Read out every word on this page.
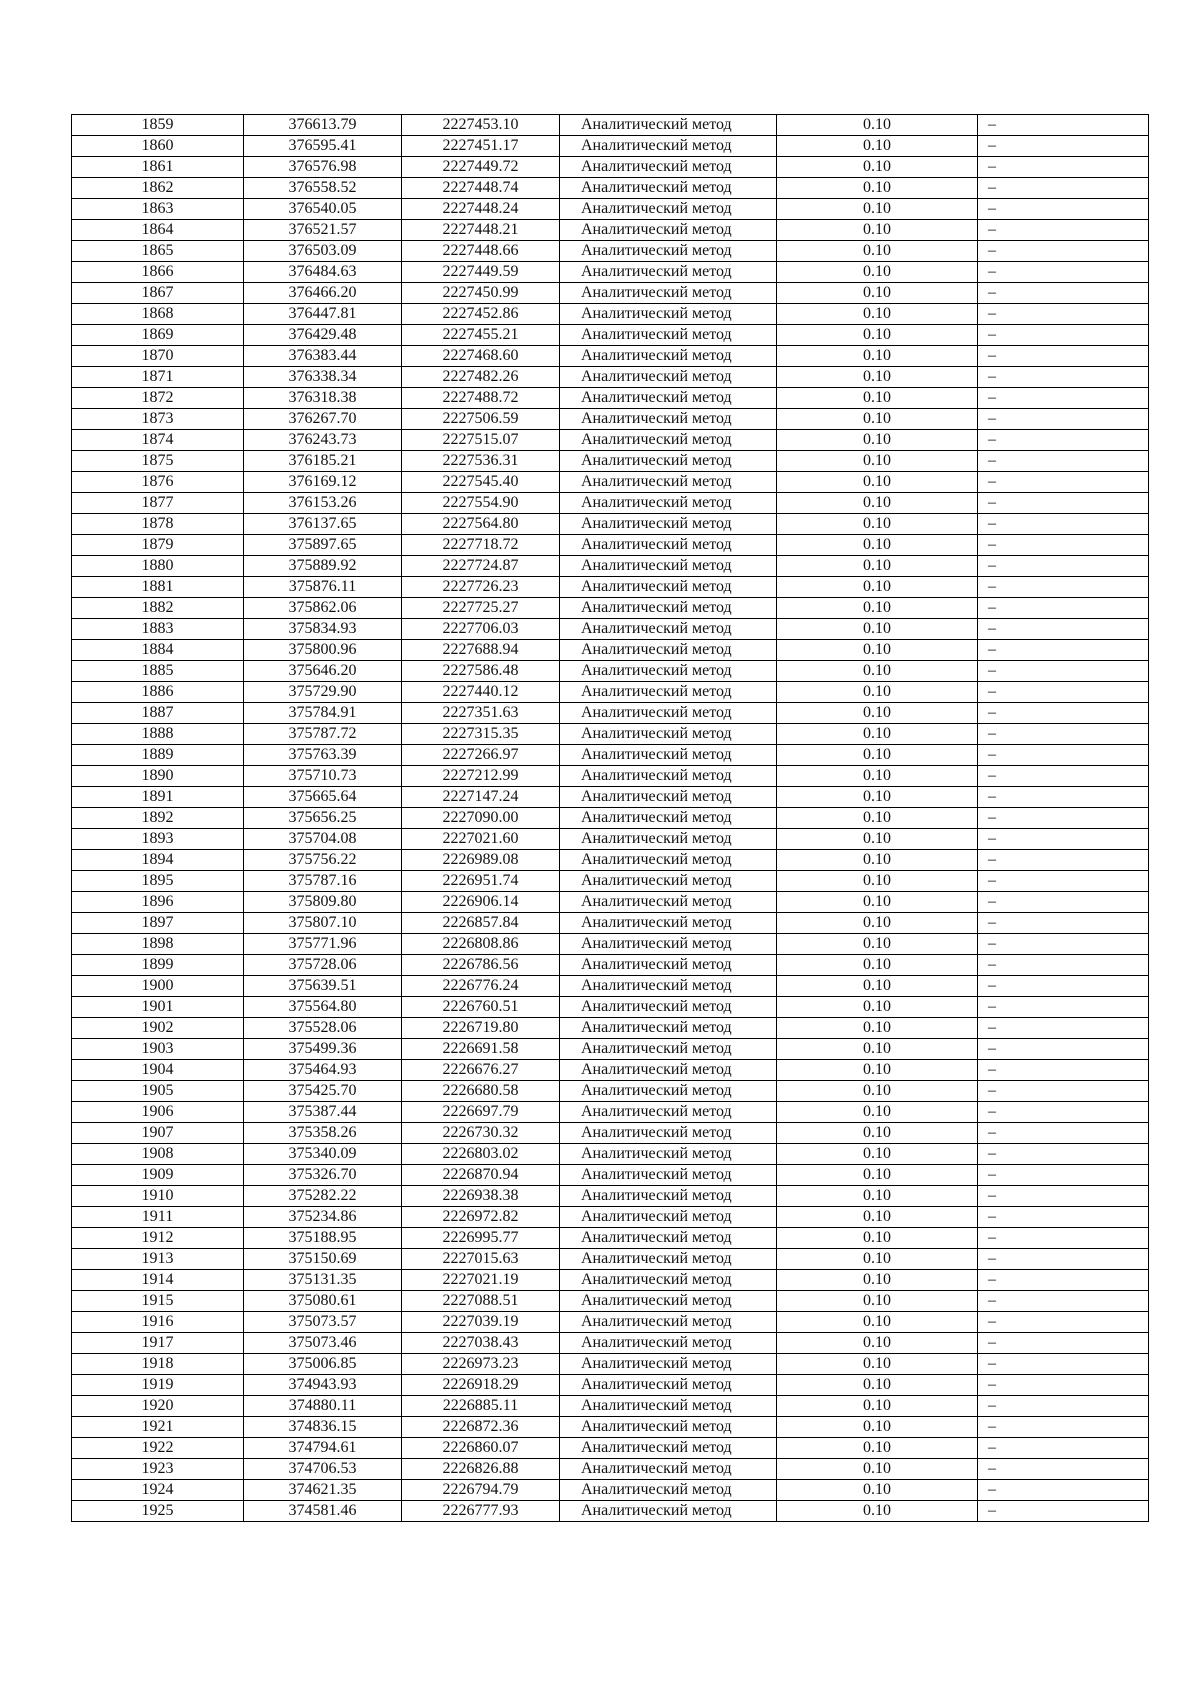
1859	376613.79	2227453.10	Аналитический метод	0.10	–
1860	376595.41	2227451.17	Аналитический метод	0.10	–
1861	376576.98	2227449.72	Аналитический метод	0.10	–
1862	376558.52	2227448.74	Аналитический метод	0.10	–
1863	376540.05	2227448.24	Аналитический метод	0.10	–
1864	376521.57	2227448.21	Аналитический метод	0.10	–
1865	376503.09	2227448.66	Аналитический метод	0.10	–
1866	376484.63	2227449.59	Аналитический метод	0.10	–
1867	376466.20	2227450.99	Аналитический метод	0.10	–
1868	376447.81	2227452.86	Аналитический метод	0.10	–
1869	376429.48	2227455.21	Аналитический метод	0.10	–
1870	376383.44	2227468.60	Аналитический метод	0.10	–
1871	376338.34	2227482.26	Аналитический метод	0.10	–
1872	376318.38	2227488.72	Аналитический метод	0.10	–
1873	376267.70	2227506.59	Аналитический метод	0.10	–
1874	376243.73	2227515.07	Аналитический метод	0.10	–
1875	376185.21	2227536.31	Аналитический метод	0.10	–
1876	376169.12	2227545.40	Аналитический метод	0.10	–
1877	376153.26	2227554.90	Аналитический метод	0.10	–
1878	376137.65	2227564.80	Аналитический метод	0.10	–
1879	375897.65	2227718.72	Аналитический метод	0.10	–
1880	375889.92	2227724.87	Аналитический метод	0.10	–
1881	375876.11	2227726.23	Аналитический метод	0.10	–
1882	375862.06	2227725.27	Аналитический метод	0.10	–
1883	375834.93	2227706.03	Аналитический метод	0.10	–
1884	375800.96	2227688.94	Аналитический метод	0.10	–
1885	375646.20	2227586.48	Аналитический метод	0.10	–
1886	375729.90	2227440.12	Аналитический метод	0.10	–
1887	375784.91	2227351.63	Аналитический метод	0.10	–
1888	375787.72	2227315.35	Аналитический метод	0.10	–
1889	375763.39	2227266.97	Аналитический метод	0.10	–
1890	375710.73	2227212.99	Аналитический метод	0.10	–
1891	375665.64	2227147.24	Аналитический метод	0.10	–
1892	375656.25	2227090.00	Аналитический метод	0.10	–
1893	375704.08	2227021.60	Аналитический метод	0.10	–
1894	375756.22	2226989.08	Аналитический метод	0.10	–
1895	375787.16	2226951.74	Аналитический метод	0.10	–
1896	375809.80	2226906.14	Аналитический метод	0.10	–
1897	375807.10	2226857.84	Аналитический метод	0.10	–
1898	375771.96	2226808.86	Аналитический метод	0.10	–
1899	375728.06	2226786.56	Аналитический метод	0.10	–
1900	375639.51	2226776.24	Аналитический метод	0.10	–
1901	375564.80	2226760.51	Аналитический метод	0.10	–
1902	375528.06	2226719.80	Аналитический метод	0.10	–
1903	375499.36	2226691.58	Аналитический метод	0.10	–
1904	375464.93	2226676.27	Аналитический метод	0.10	–
1905	375425.70	2226680.58	Аналитический метод	0.10	–
1906	375387.44	2226697.79	Аналитический метод	0.10	–
1907	375358.26	2226730.32	Аналитический метод	0.10	–
1908	375340.09	2226803.02	Аналитический метод	0.10	–
1909	375326.70	2226870.94	Аналитический метод	0.10	–
1910	375282.22	2226938.38	Аналитический метод	0.10	–
1911	375234.86	2226972.82	Аналитический метод	0.10	–
1912	375188.95	2226995.77	Аналитический метод	0.10	–
1913	375150.69	2227015.63	Аналитический метод	0.10	–
1914	375131.35	2227021.19	Аналитический метод	0.10	–
1915	375080.61	2227088.51	Аналитический метод	0.10	–
1916	375073.57	2227039.19	Аналитический метод	0.10	–
1917	375073.46	2227038.43	Аналитический метод	0.10	–
1918	375006.85	2226973.23	Аналитический метод	0.10	–
1919	374943.93	2226918.29	Аналитический метод	0.10	–
1920	374880.11	2226885.11	Аналитический метод	0.10	–
1921	374836.15	2226872.36	Аналитический метод	0.10	–
1922	374794.61	2226860.07	Аналитический метод	0.10	–
1923	374706.53	2226826.88	Аналитический метод	0.10	–
1924	374621.35	2226794.79	Аналитический метод	0.10	–
1925	374581.46	2226777.93	Аналитический метод	0.10	–
